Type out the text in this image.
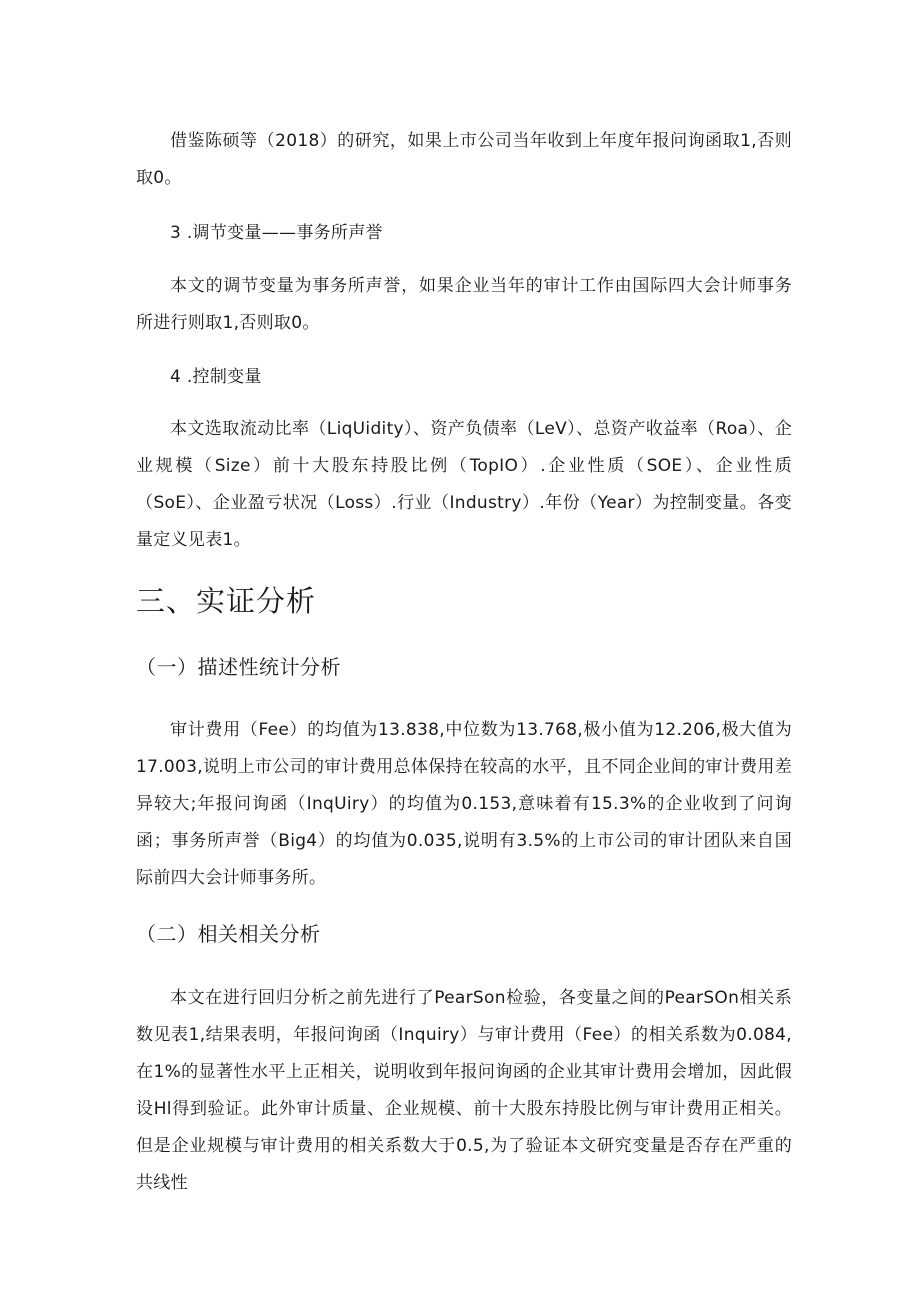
借鉴陈硕等（2018）的研究，如果上市公司当年收到上年度年报问询函取1,否则取0。

3 .调节变量——事务所声誉

本文的调节变量为事务所声誉，如果企业当年的审计工作由国际四大会计师事务所进行则取1,否则取0。

4 .控制变量

本文选取流动比率（LiqUidity）、资产负债率（LeV）、总资产收益率（Roa）、企业规模（Size）前十大股东持股比例（TopIO）.企业性质（SOE）、企业性质（SoE）、企业盈亏状况（Loss）.行业（Industry）.年份（Year）为控制变量。各变量定义见表1。

三、实证分析
（一）描述性统计分析

审计费用（Fee）的均值为13.838,中位数为13.768,极小值为12.206,极大值为17.003,说明上市公司的审计费用总体保持在较高的水平，且不同企业间的审计费用差异较大;年报问询函（InqUiry）的均值为0.153,意味着有15.3%的企业收到了问询函；事务所声誉（Big4）的均值为0.035,说明有3.5%的上市公司的审计团队来自国际前四大会计师事务所。

（二）相关相关分析

本文在进行回归分析之前先进行了PearSon检验，各变量之间的PearSOn相关系数见表1,结果表明，年报问询函（Inquiry）与审计费用（Fee）的相关系数为0.084,在1%的显著性水平上正相关，说明收到年报问询函的企业其审计费用会增加，因此假设Hl得到验证。此外审计质量、企业规模、前十大股东持股比例与审计费用正相关。但是企业规模与审计费用的相关系数大于0.5,为了验证本文研究变量是否存在严重的共线性
